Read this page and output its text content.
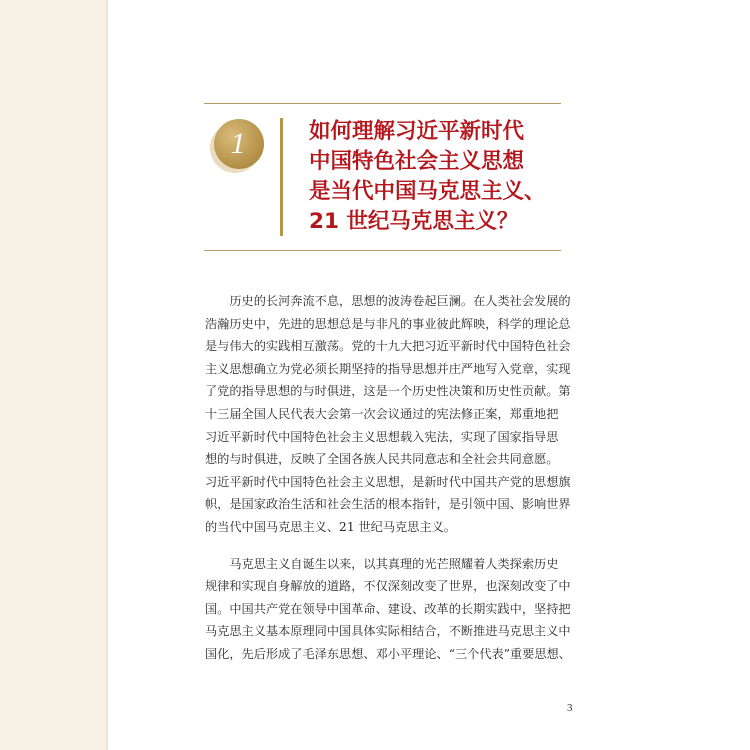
1	如何理解习近平新时代
中国特色社会主义思想
是当代中国马克思主义、
21 世纪马克思主义？
　　历史的长河奔流不息，思想的波涛卷起巨澜。在人类社会发展的
浩瀚历史中，先进的思想总是与非凡的事业彼此辉映，科学的理论总
是与伟大的实践相互激荡。党的十九大把习近平新时代中国特色社会
主义思想确立为党必须长期坚持的指导思想并庄严地写入党章，实现
了党的指导思想的与时俱进，这是一个历史性决策和历史性贡献。第
十三届全国人民代表大会第一次会议通过的宪法修正案，郑重地把
习近平新时代中国特色社会主义思想载入宪法，实现了国家指导思
想的与时俱进，反映了全国各族人民共同意志和全社会共同意愿。
习近平新时代中国特色社会主义思想，是新时代中国共产党的思想旗
帜，是国家政治生活和社会生活的根本指针，是引领中国、影响世界
的当代中国马克思主义、21 世纪马克思主义。
　　马克思主义自诞生以来，以其真理的光芒照耀着人类探索历史
规律和实现自身解放的道路，不仅深刻改变了世界，也深刻改变了中
国。中国共产党在领导中国革命、建设、改革的长期实践中，坚持把
马克思主义基本原理同中国具体实际相结合，不断推进马克思主义中
国化，先后形成了毛泽东思想、邓小平理论、“三个代表”重要思想、
3
